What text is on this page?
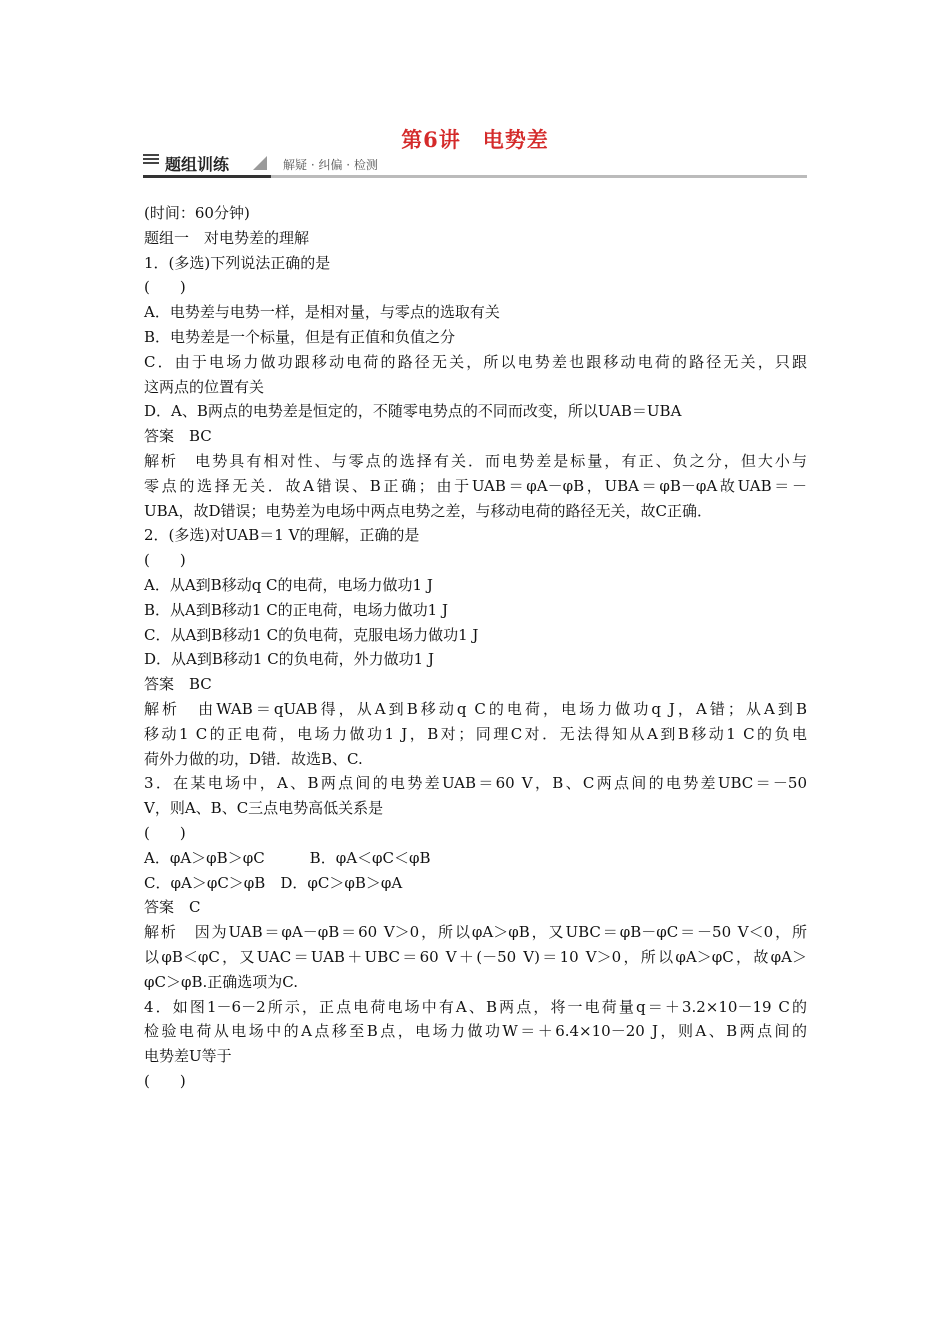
第6讲　电势差
题组训练	解疑 · 纠偏 · 检测
(时间：60分钟)
题组一　对电势差的理解
1．(多选)下列说法正确的是
(　　)
A．电势差与电势一样，是相对量，与零点的选取有关
B．电势差是一个标量，但是有正值和负值之分
C．由于电场力做功跟移动电荷的路径无关，所以电势差也跟移动电荷的路径无关，只跟
这两点的位置有关
D．A、B两点的电势差是恒定的，不随零电势点的不同而改变，所以UAB＝UBA
答案　BC
解析　电势具有相对性、与零点的选择有关．而电势差是标量，有正、负之分，但大小与
零点的选择无关．故A错误、B正确；由于UAB＝φA－φB，UBA＝φB－φA故UAB＝－
UBA，故D错误；电势差为电场中两点电势之差，与移动电荷的路径无关，故C正确．
2．(多选)对UAB＝1 V的理解，正确的是
(　　)
A．从A到B移动q C的电荷，电场力做功1 J
B．从A到B移动1 C的正电荷，电场力做功1 J
C．从A到B移动1 C的负电荷，克服电场力做功1 J
D．从A到B移动1 C的负电荷，外力做功1 J
答案　BC
解析　由WAB＝qUAB得，从A到B移动q C的电荷，电场力做功q J，A错；从A到B
移动1 C的正电荷，电场力做功1 J，B对；同理C对．无法得知从A到B移动1 C的负电
荷外力做的功，D错．故选B、C.
3．在某电场中，A、B两点间的电势差UAB＝60 V，B、C两点间的电势差UBC＝－50
V，则A、B、C三点电势高低关系是
(　　)
A．φA＞φB＞φC　　　B．φA＜φC＜φB
C．φA＞φC＞φB　D．φC＞φB＞φA
答案　C
解析　因为UAB＝φA－φB＝60 V＞0，所以φA＞φB，又UBC＝φB－φC＝－50 V＜0，所
以φB＜φC，又UAC＝UAB＋UBC＝60 V＋(－50 V)＝10 V＞0，所以φA＞φC，故φA＞
φC＞φB.正确选项为C.
4．如图1－6－2所示，正点电荷电场中有A、B两点，将一电荷量q＝＋3.2×10－19 C的
检验电荷从电场中的A点移至B点，电场力做功W＝＋6.4×10－20 J，则A、B两点间的
电势差U等于
(　　)
